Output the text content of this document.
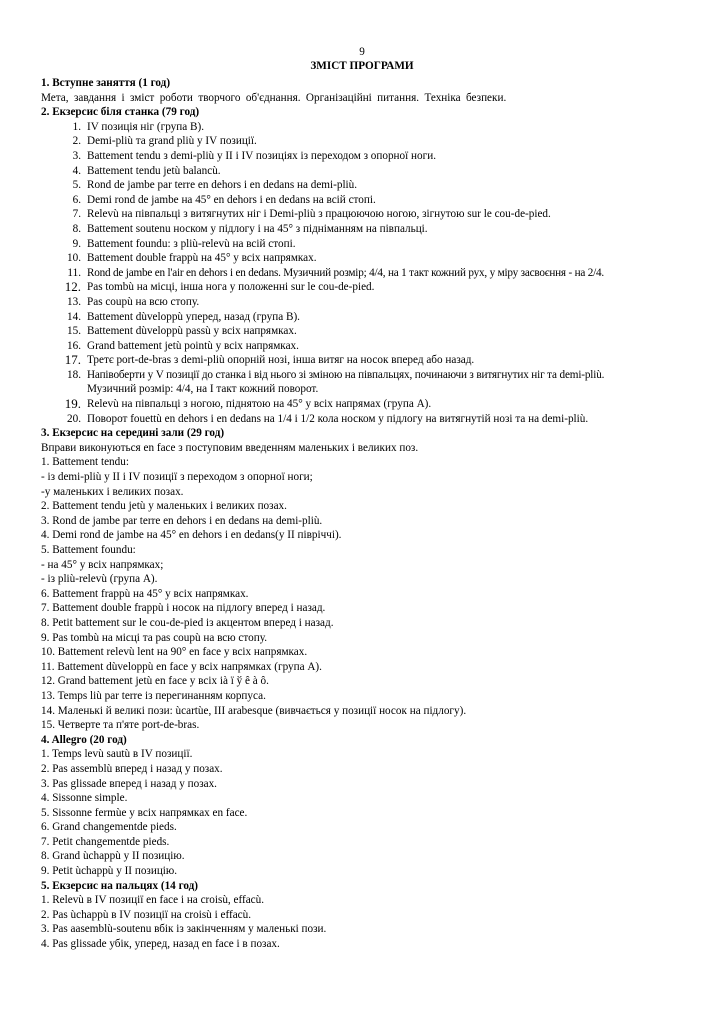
9
ЗМІСТ ПРОГРАМИ
1. Вступне заняття (1 год)
Мета, завдання і зміст роботи творчого об'єднання. Організаційні питання. Техніка безпеки.
2. Екзерсис біля станка (79 год)
1. IV позиція ніг (група В).
2. Demi-pliù та grand pliù у IV позиції.
3. Battement tendu з demi-pliù у II і IV позиціях із переходом з опорної ноги.
4. Battement tendu jetù balancù.
5. Rond de jambe par terre en dehors і en dedans на demi-pliù.
6. Demi rond de jambe на 45° en dehors і en dedans на всій стопі.
7. Relevù на півпальці з витягнутих ніг і Demi-pliù з працюючою ногою, зігнутою sur le cou-de-pied.
8. Battement soutenu носком у підлогу і на 45° з підніманням на півпальці.
9. Battement foundu: з pliù-relevù на всій стопі.
10. Battement double frappù на 45° у всіх напрямках.
11. Rond de jambe en l'air en dehors і en dedans. Музичний розмір; 4/4, на 1 такт кожний рух, у міру засвоєння - на 2/4.
12. Pas tombù на місці, інша нога у положенні sur le cou-de-pied.
13. Pas coupù на всю стопу.
14. Battement dùveloppù уперед, назад (група В).
15. Battement dùveloppù passù у всіх напрямках.
16. Grand battement jetù pointù у всіх напрямках.
17. Третє port-de-bras з demi-pliù опорній нозі, інша витяг на носок вперед або назад.
18. Напівоберти у V позиції до станка і від нього зі зміною на півпальцях, починаючи з витягнутих ніг та demi-pliù.
Музичний розмір: 4/4, на І такт кожний поворот.
19. Relevù на півпальці з ногою, піднятою на 45° у всіх напрямах (група А).
20. Поворот fouettù en dehors і en dedans на 1/4 і 1/2 кола носком у підлогу на витягнутій нозі та на demi-pliù.
3. Екзерсис на середині зали (29 год)
Вправи виконуються en face з поступовим введенням маленьких і великих поз.
1. Battement tendu:
- із demi-pliù у II і IV позиції з переходом з опорної ноги;
-у маленьких і великих позах.
2. Battement tendu jetù у маленьких і великих позах.
3. Rond de jambe par terre en dehors і en dedans на demi-pliù.
4. Demi rond de jambe на 45° en dehors і en dedans(у II півріччі).
5. Battement foundu:
- на 45° у всіх напрямках;
- із pliù-relevù (група А).
6. Battement frappù на 45° у всіх напрямках.
7. Battement double frappù і носок на підлогу вперед і назад.
8. Petit battement sur le cou-de-pied із акцентом вперед і назад.
9. Pas tombù на місці та pas coupù на всю стопу.
10. Battement relevù lent на 90° en face у всіх напрямках.
11. Battement dùveloppù en face у всіх напрямках (група А).
12. Grand battement jetù en face у всіх іà ї ў ê à ô.
13. Temps liù par terre із перегинанням корпуса.
14. Маленькі й великі пози: ùcartùe, III arabesque (вивчається у позиції носок на підлогу).
15. Четверте та п'яте port-de-bras.
4. Allegro (20 год)
1. Temps levù sautù в IV позиції.
2. Pas assemblù вперед і назад у позах.
3. Pas glissade вперед і назад у позах.
4. Sissonne simple.
5. Sissonne fermùe у всіх напрямках en face.
6. Grand changementde pieds.
7. Petit changementde pieds.
8. Grand ùchappù у II позицію.
9. Petit ùchappù у II позицію.
5. Екзерсис на пальцях (14 год)
1. Relevù в IV позиції en face і на croisù, effacù.
2. Pas ùchappù в IV позиції на croisù і effacù.
3. Pas aasemblù-soutenu вбік із закінченням у маленькі пози.
4. Pas glissade убік, уперед, назад en face і в позах.
